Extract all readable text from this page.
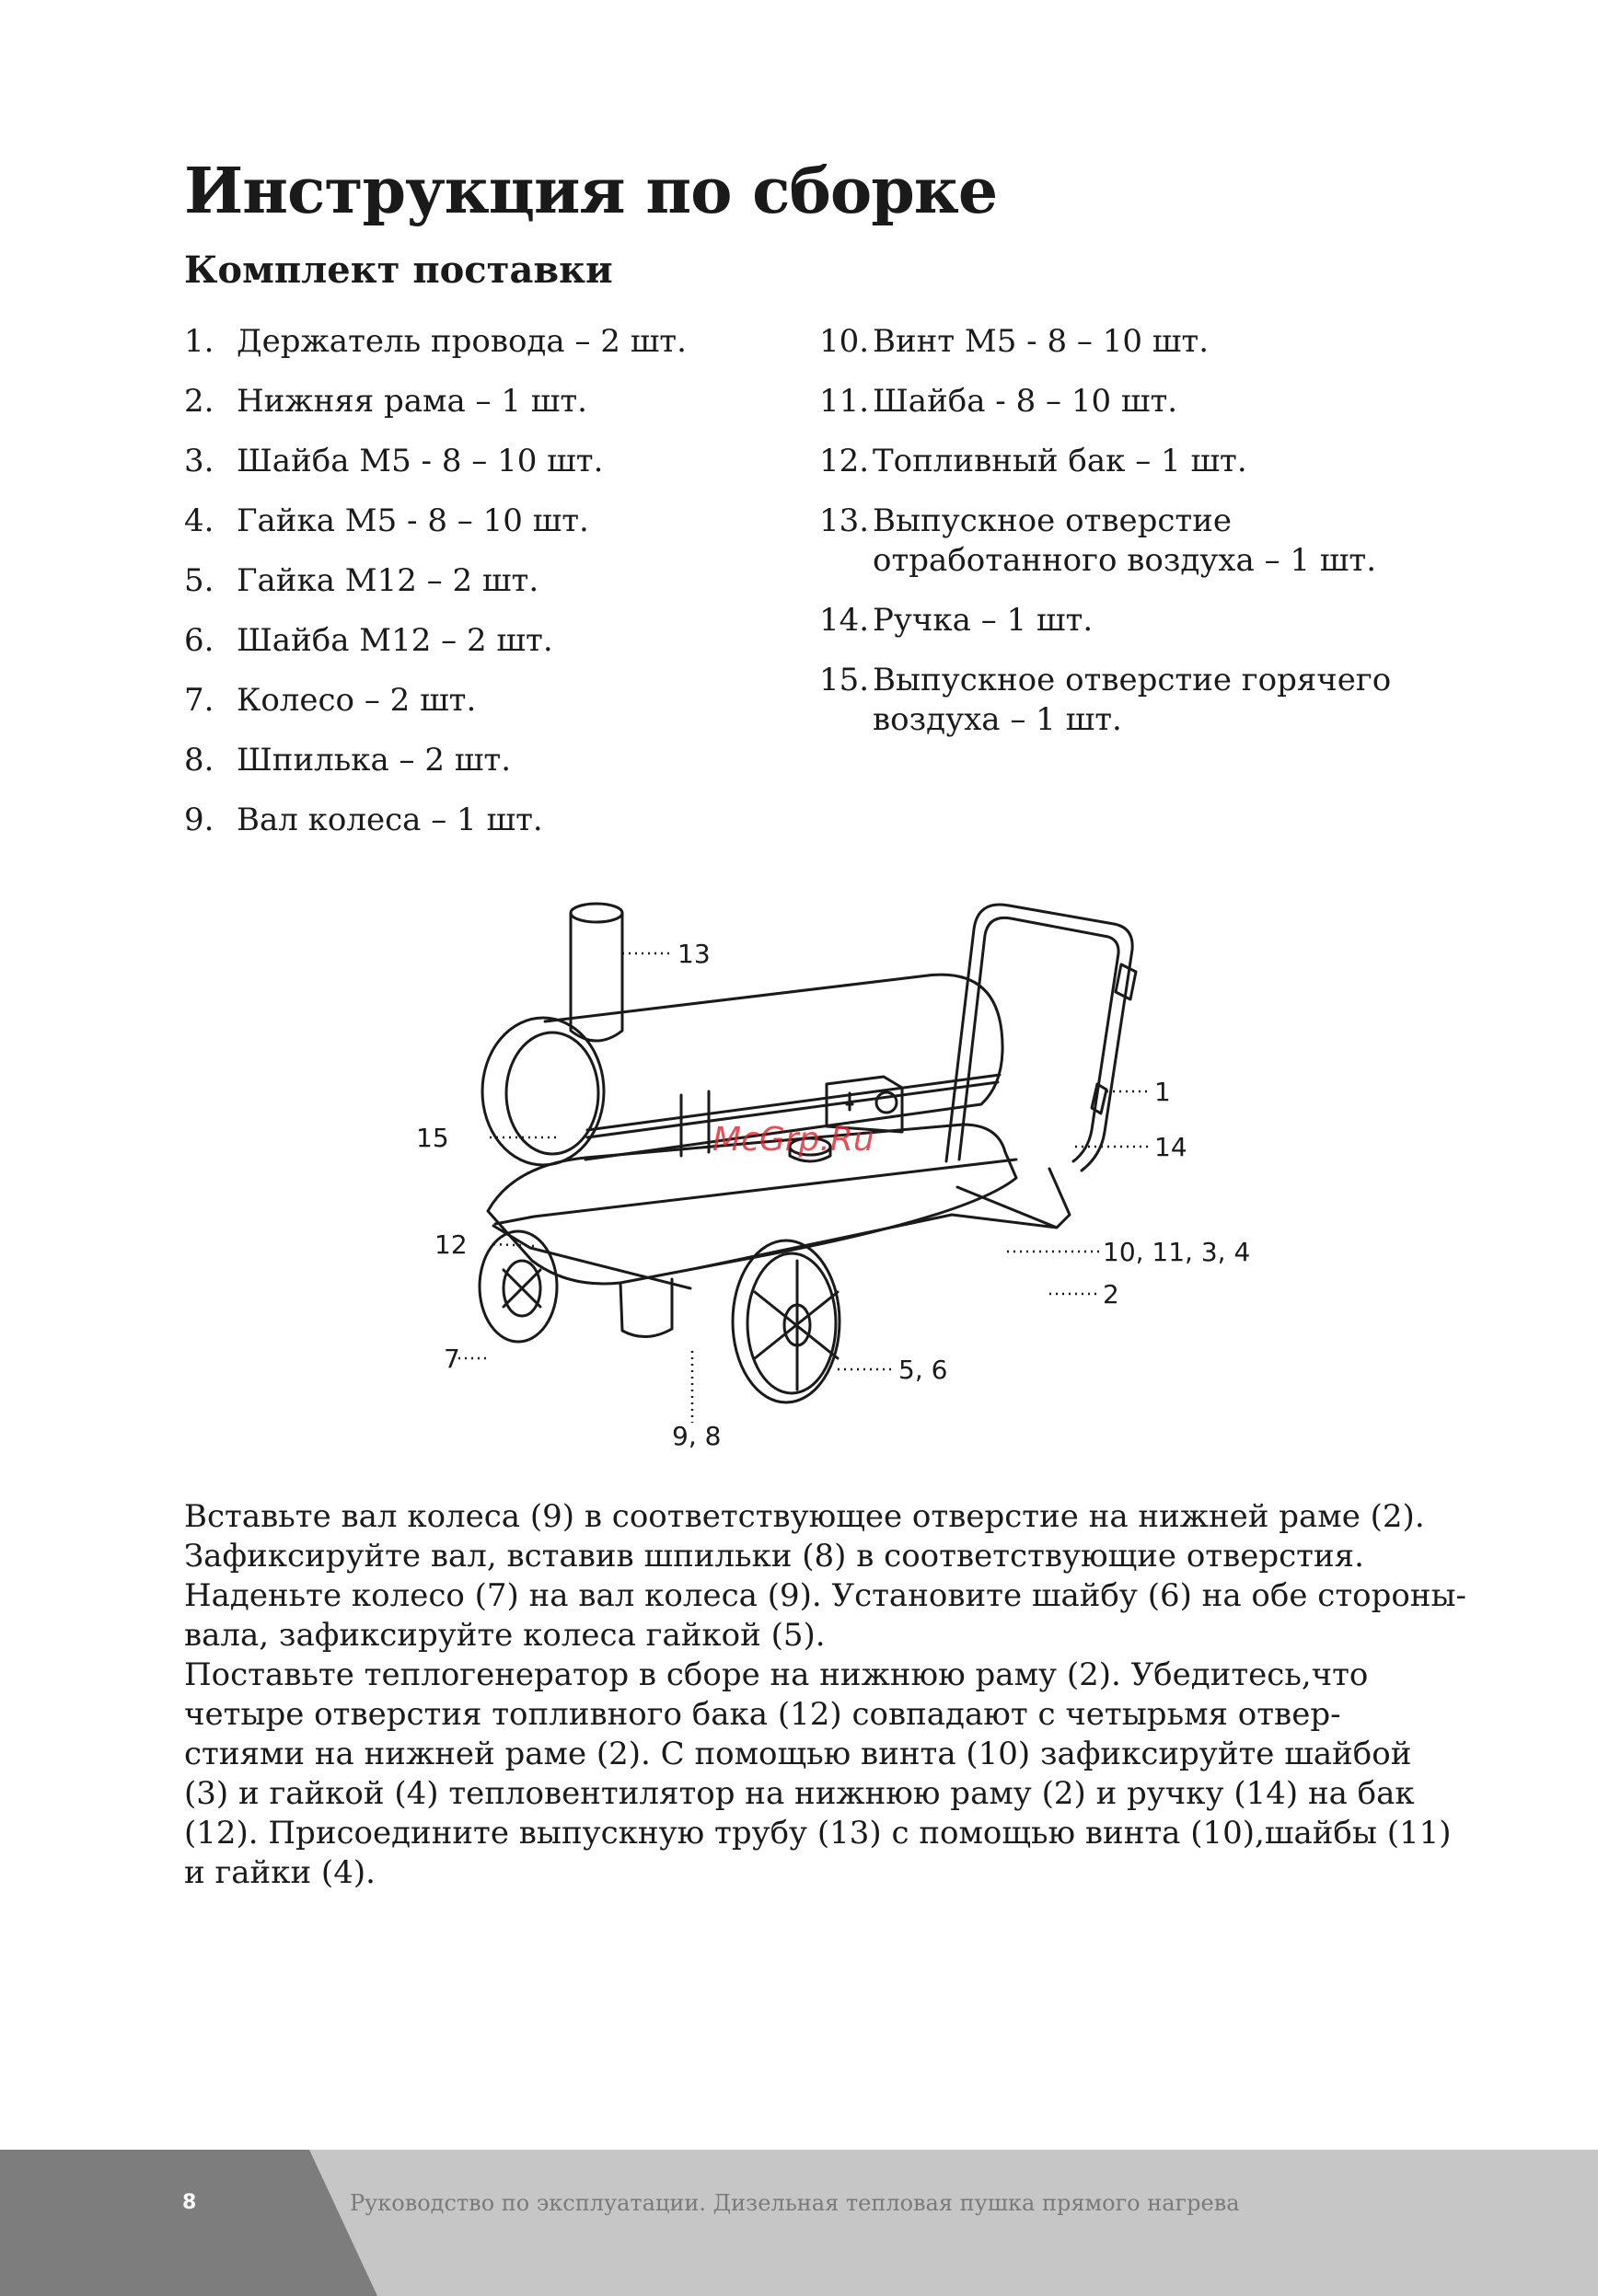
Инструкция по сборке
Комплект поставки
1. Держатель провода – 2 шт.
2. Нижняя рама – 1 шт.
3. Шайба М5 - 8 – 10 шт.
4. Гайка М5 - 8 – 10 шт.
5. Гайка М12 – 2 шт.
6. Шайба М12 – 2 шт.
7. Колесо – 2 шт.
8. Шпилька – 2 шт.
9. Вал колеса – 1 шт.
10. Винт М5 - 8 – 10 шт.
11. Шайба - 8 – 10 шт.
12. Топливный бак – 1 шт.
13. Выпускное отверстие
отработанного воздуха – 1 шт.
14. Ручка – 1 шт.
15. Выпускное отверстие горячего
воздуха – 1 шт.
13
1
15	14
12	10, 11, 3, 4
2
7	5, 6
9, 8
McGrp.Ru

Вставьте вал колеса (9) в соответствующее отверстие на нижней раме (2).

Зафиксируйте вал, вставив шпильки (8) в соответствующие отверстия.

Наденьте колесо (7) на вал колеса (9). Установите шайбу (6) на обе стороны-

вала, зафиксируйте колеса гайкой (5).

Поставьте теплогенератор в сборе на нижнюю раму (2). Убедитесь,что

четыре отверстия топливного бака (12) совпадают с четырьмя отвер-

стиями на нижней раме (2). С помощью винта (10) зафиксируйте шайбой

(3) и гайкой (4) тепловентилятор на нижнюю раму (2) и ручку (14) на бак

(12). Присоедините выпускную трубу (13) с помощью винта (10),шайбы (11)

и гайки (4).

8	Руководство по эксплуатации. Дизельная тепловая пушка прямого нагрева
